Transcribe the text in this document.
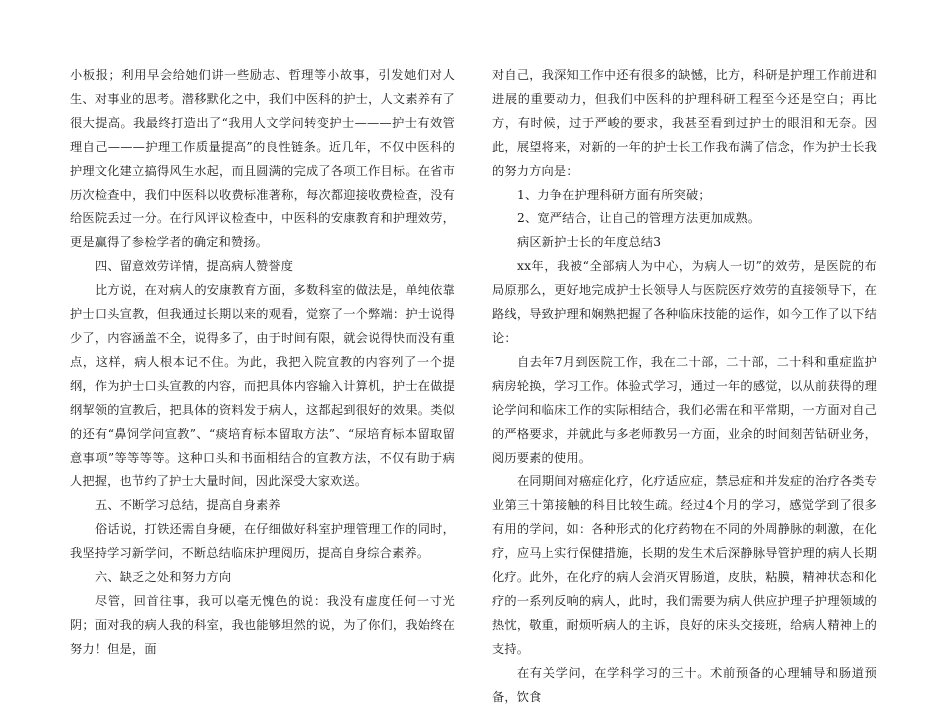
小板报；利用早会给她们讲一些励志、哲理等小故事，引发她们对人生、对事业的思考。潜移默化之中，我们中医科的护士，人文素养有了很大提高。我最终打造出了“我用人文学问转变护士———护士有效管理自己———护理工作质量提高”的良性链条。近几年，不仅中医科的护理文化建立搞得风生水起，而且圆满的完成了各项工作目标。在省市历次检查中，我们中医科以收费标准著称，每次都迎接收费检查，没有给医院丢过一分。在行风评议检查中，中医科的安康教育和护理效劳，更是赢得了参检学者的确定和赞扬。

四、留意效劳详情，提高病人赞誉度

比方说，在对病人的安康教育方面，多数科室的做法是，单纯依靠护士口头宣教，但我通过长期以来的观看，觉察了一个弊端：护士说得少了，内容涵盖不全，说得多了，由于时间有限，就会说得快而没有重点，这样，病人根本记不住。为此，我把入院宣教的内容列了一个提纲，作为护士口头宣教的内容，而把具体内容输入计算机，护士在做提纲挈领的宣教后，把具体的资料发于病人，这都起到很好的效果。类似的还有“鼻饲学问宣教”、“痰培育标本留取方法”、“尿培育标本留取留意事项”等等等等。这种口头和书面相结合的宣教方法，不仅有助于病人把握，也节约了护士大量时间，因此深受大家欢送。

五、不断学习总结，提高自身素养

俗话说，打铁还需自身硬，在仔细做好科室护理管理工作的同时，我坚持学习新学问，不断总结临床护理阅历，提高自身综合素养。

六、缺乏之处和努力方向

尽管，回首往事，我可以毫无愧色的说：我没有虚度任何一寸光阴；面对我的病人我的科室，我也能够坦然的说，为了你们，我始终在努力！但是，面

对自己，我深知工作中还有很多的缺憾，比方，科研是护理工作前进和进展的重要动力，但我们中医科的护理科研工程至今还是空白；再比方，有时候，过于严峻的要求，我甚至看到过护士的眼泪和无奈。因此，展望将来，对新的一年的护士长工作我布满了信念，作为护士长我的努力方向是：

1、力争在护理科研方面有所突破；

2、宽严结合，让自己的管理方法更加成熟。

病区新护士长的年度总结3

xx年，我被“全部病人为中心，为病人一切”的效劳，是医院的布局原那么，更好地完成护士长领导人与医院医疗效劳的直接领导下，在路线，导致护理和娴熟把握了各种临床技能的运作，如今工作了以下结论：

自去年7月到医院工作，我在二十部，二十部，二十科和重症监护病房轮换，学习工作。体验式学习，通过一年的感觉，以从前获得的理论学问和临床工作的实际相结合，我们必需在和平常期，一方面对自己的严格要求，并就此与多老师教另一方面，业余的时间刻苦钻研业务，阅历要素的使用。

在同期间对癌症化疗，化疗适应症，禁忌症和并发症的治疗各类专业第三十第接触的科目比较生疏。经过4个月的学习，感觉学到了很多有用的学问，如：各种形式的化疗药物在不同的外周静脉的刺激，在化疗，应马上实行保健措施，长期的发生术后深静脉导管护理的病人长期化疗。此外，在化疗的病人会消灭胃肠道，皮肤，粘膜，精神状态和化疗的一系列反响的病人，此时，我们需要为病人供应护理子护理领域的热忱，敬重，耐烦听病人的主诉，良好的床头交接班，给病人精神上的支持。

在有关学问，在学科学习的三十。术前预备的心理辅导和肠道预备，饮食
